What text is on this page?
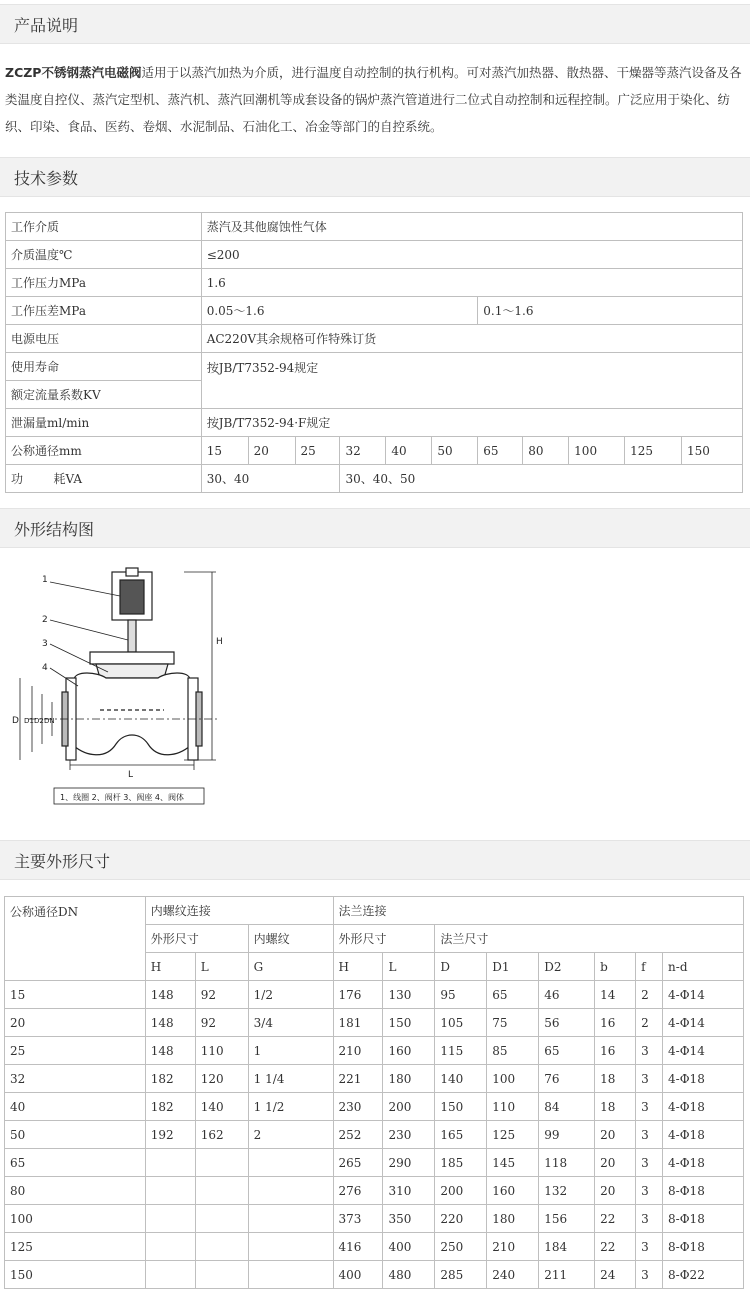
产品说明
ZCZP不锈钢蒸汽电磁阀适用于以蒸汽加热为介质，进行温度自动控制的执行机构。可对蒸汽加热器、散热器、干燥器等蒸汽设备及各类温度自控仪、蒸汽定型机、蒸汽机、蒸汽回潮机等成套设备的锅炉蒸汽管道进行二位式自动控制和远程控制。广泛应用于染化、纺织、印染、食品、医药、卷烟、水泥制品、石油化工、冶金等部门的自控系统。
技术参数
工作介质	蒸汽及其他腐蚀性气体										
介质温度℃	≤200										
工作压力MPa	1.6										
工作压差MPa	0.05～1.6						0.1～1.6				
电源电压	AC220V其余规格可作特殊订货										
使用寿命	按JB/T7352-94规定										
额定流量系数KV											
泄漏量ml/min	按JB/T7352-94·F规定										
公称通径mm	15	20	25	32	40	50	65	80	100	125	150
功        耗VA	30、40			30、40、50							
外形结构图
1
2
3
4
H
D D1 D2 DN
L
1、线圈 2、阀杆 3、阀座 4、阀体
主要外形尺寸
公称通径DN	内螺纹连接			法兰连接							
	外形尺寸		内螺纹	外形尺寸		法兰尺寸					
	H	L	G	H	L	D	D1	D2	b	f	n-d
15	148	92	1/2	176	130	95	65	46	14	2	4-Φ14
20	148	92	3/4	181	150	105	75	56	16	2	4-Φ14
25	148	110	1	210	160	115	85	65	16	3	4-Φ14
32	182	120	1 1/4	221	180	140	100	76	18	3	4-Φ18
40	182	140	1 1/2	230	200	150	110	84	18	3	4-Φ18
50	192	162	2	252	230	165	125	99	20	3	4-Φ18
65				265	290	185	145	118	20	3	4-Φ18
80				276	310	200	160	132	20	3	8-Φ18
100				373	350	220	180	156	22	3	8-Φ18
125				416	400	250	210	184	22	3	8-Φ18
150				400	480	285	240	211	24	3	8-Φ22
